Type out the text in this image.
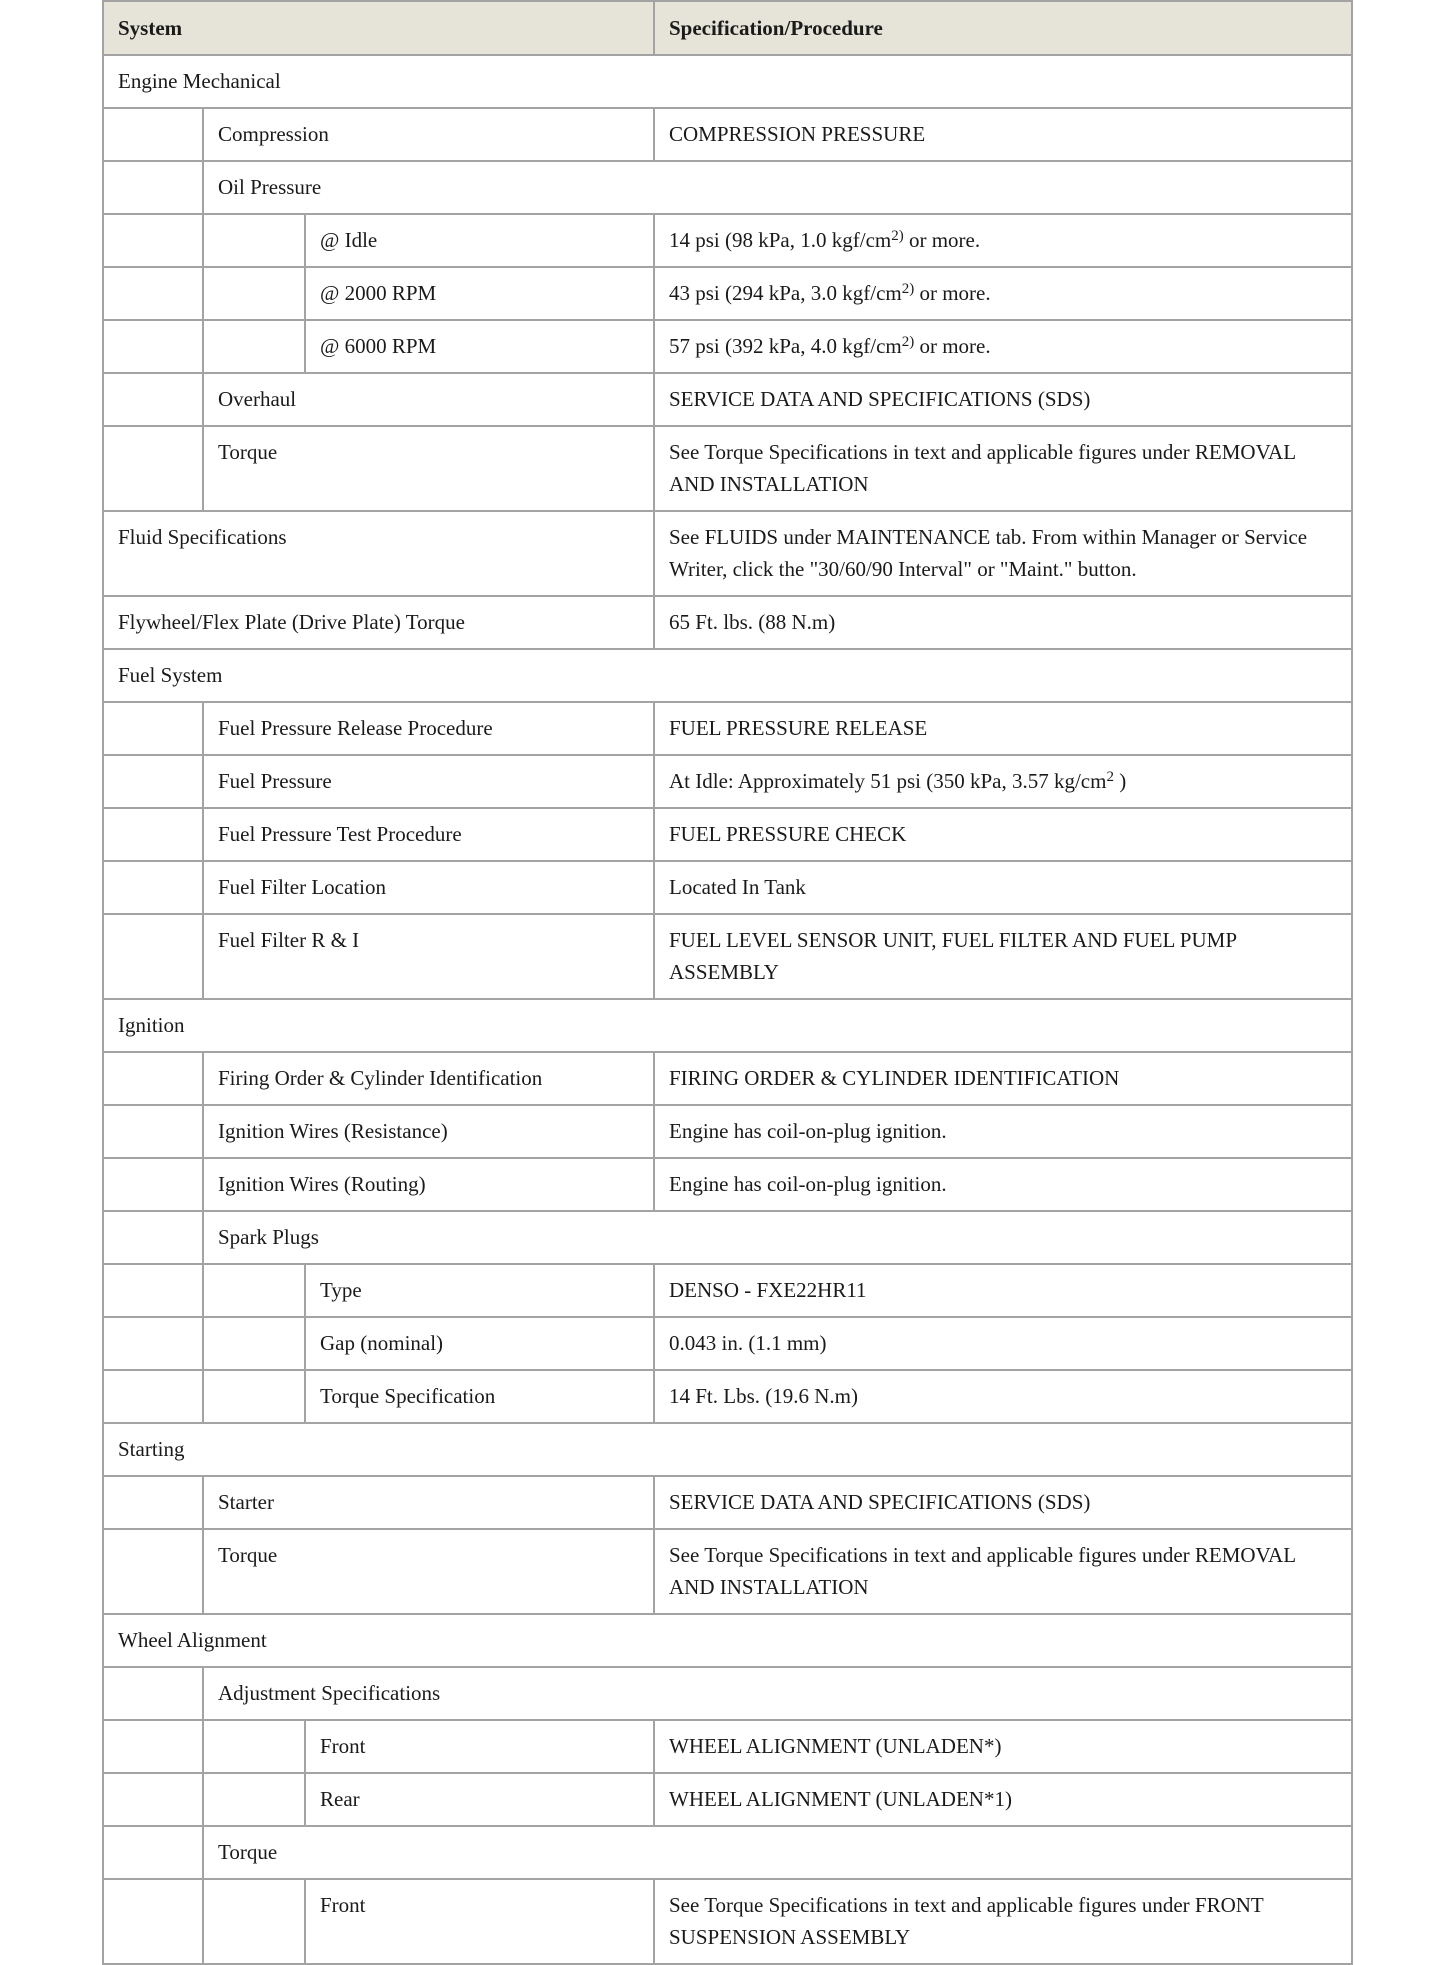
System			Specification/Procedure
Engine Mechanical			
	Compression		COMPRESSION PRESSURE
	Oil Pressure		
		@ Idle	14 psi (98 kPa, 1.0 kgf/$cm^{2)}$ or more.
		@ 2000 RPM	43 psi (294 kPa, 3.0 kgf/$cm^{2)}$ or more.
		@ 6000 RPM	57 psi (392 kPa, 4.0 kgf/$cm^{2)}$ or more.
	Overhaul		SERVICE DATA AND SPECIFICATIONS (SDS)
	Torque		See Torque Specifications in text and applicable figures under REMOVAL AND INSTALLATION
Fluid Specifications			See FLUIDS under MAINTENANCE tab. From within Manager or Service Writer, click the "30/60/90 Interval" or "Maint." button.
Flywheel/Flex Plate (Drive Plate) Torque			65 Ft. lbs. (88 N.m)
Fuel System			
	Fuel Pressure Release Procedure		FUEL PRESSURE RELEASE
	Fuel Pressure		At Idle: Approximately 51 psi (350 kPa, 3.57 $kg/cm^2$ )
	Fuel Pressure Test Procedure		FUEL PRESSURE CHECK
	Fuel Filter Location		Located In Tank
	Fuel Filter R & I		FUEL LEVEL SENSOR UNIT, FUEL FILTER AND FUEL PUMP ASSEMBLY
Ignition			
	Firing Order & Cylinder Identification		FIRING ORDER & CYLINDER IDENTIFICATION
	Ignition Wires (Resistance)		Engine has coil-on-plug ignition.
	Ignition Wires (Routing)		Engine has coil-on-plug ignition.
	Spark Plugs		
		Type	DENSO - FXE22HR11
		Gap (nominal)	0.043 in. (1.1 mm)
		Torque Specification	14 Ft. Lbs. (19.6 N.m)
Starting			
	Starter		SERVICE DATA AND SPECIFICATIONS (SDS)
	Torque		See Torque Specifications in text and applicable figures under REMOVAL AND INSTALLATION
Wheel Alignment			
	Adjustment Specifications		
		Front	WHEEL ALIGNMENT (UNLADEN*)
		Rear	WHEEL ALIGNMENT (UNLADEN*1)
	Torque		
		Front	See Torque Specifications in text and applicable figures under FRONT SUSPENSION ASSEMBLY
